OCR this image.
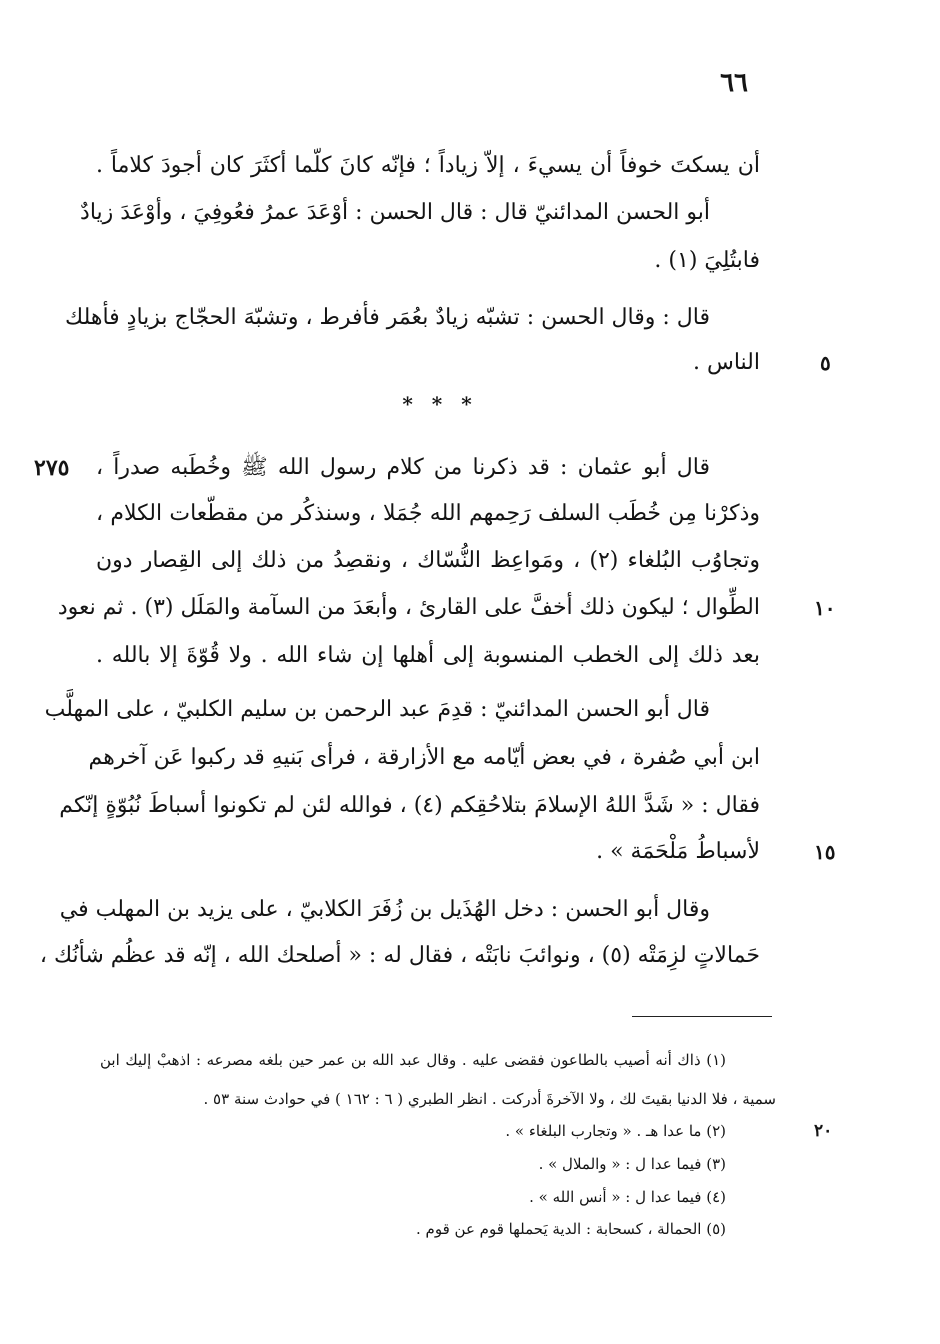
٦٦
أن يسكتَ خوفاً أن يسيءَ ، إلاّ زياداً ؛ فإنّه كانَ كلّما أكثَرَ كان أجودَ كلاماً .
أبو الحسن المدائنيّ قال : قال الحسن : أوْعَدَ عمرُ فعُوفِيَ ، وأوْعَدَ زيادٌ
فابتُلِيَ (١) .
قال : وقال الحسن : تشبّه زيادٌ بعُمَر فأفرط ، وتشبّهَ الحجّاج بزيادٍ فأهلك
الناس .	٥
* * *
٢٧٥ قال أبو عثمان : قد ذكرنا من كلام رسول الله ﷺ وخُطَبه صدراً ،
وذكرْنا مِن خُطَب السلف رَحِمهم الله جُمَلا ، وسنذكُر من مقطّعات الكلام ،
وتجاوُب البُلغاء (٢) ، ومَواعِظ النُّسّاك ، ونقصِدُ من ذلك إلى القِصار دون
الطِّوال ؛ ليكون ذلك أخفَّ على القارئ ، وأبعَدَ من السآمة والمَلَل (٣) . ثم نعود	١٠
بعد ذلك إلى الخطب المنسوبة إلى أهلها إن شاء الله . ولا قُوّةَ إلا بالله .
قال أبو الحسن المدائنيّ : قدِمَ عبد الرحمن بن سليم الكلبيّ ، على المهلَّب
ابن أبي صُفرة ، في بعض أيّامه مع الأزارقة ، فرأى بَنيهِ قد ركبوا عَن آخرهم
فقال : « شَدَّ اللهُ الإسلامَ بتلاحُقِكم (٤) ، فوالله لئن لم تكونوا أسباطَ نُبُوّةٍ إنّكم
لأسباطُ مَلْحَمَة » .	١٥
وقال أبو الحسن : دخل الهُذَيل بن زُفَرَ الكلابيّ ، على يزيد بن المهلب في
حَمالاتٍ لزِمَتْه (٥) ، ونوائبَ نابَتْه ، فقال له : « أصلحك الله ، إنّه قد عظُم شأنُك ،
(١) ذاك أنه أصيب بالطاعون فقضى عليه . وقال عبد الله بن عمر حين بلغه مصرعه : اذهبْ إليك ابن
سمية ، فلا الدنيا بقيتَ لك ، ولا الآخرةَ أدركت . انظر الطبري ( ٦ : ١٦٢ ) في حوادث سنة ٥٣ .
(٢) ما عدا هـ . « وتجارب البلغاء » .	٢٠
(٣) فيما عدا ل : « والملال » .
(٤) فيما عدا ل : « أنس الله » .
(٥) الحمالة ، كسحابة : الدية يَحملها قوم عن قوم .
